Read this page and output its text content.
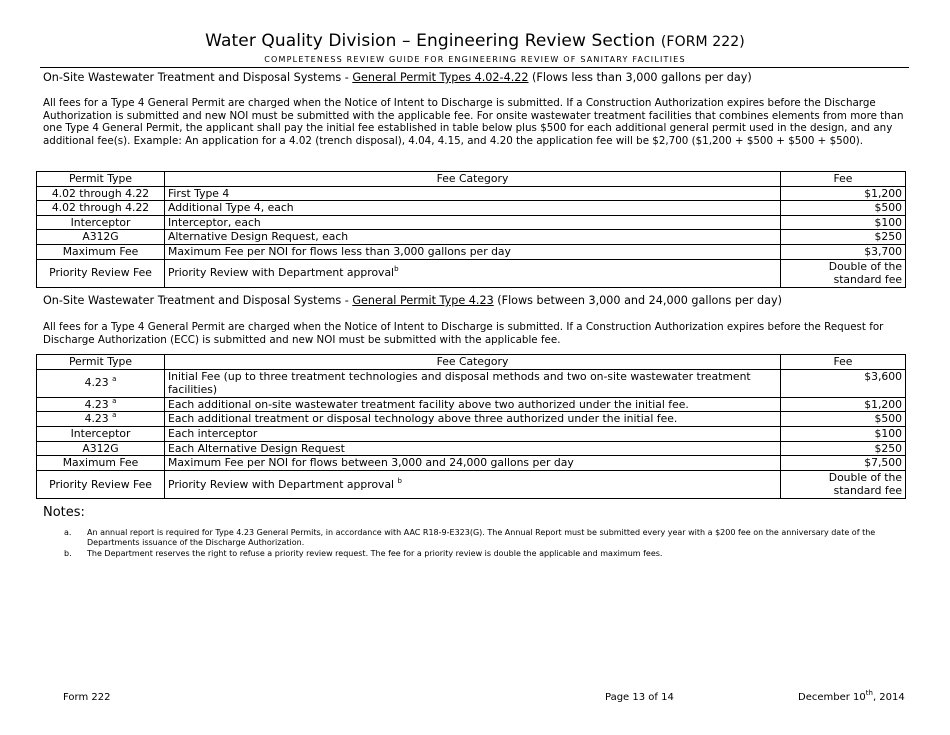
Water Quality Division – Engineering Review Section (FORM 222)
COMPLETENESS REVIEW GUIDE FOR ENGINEERING REVIEW OF SANITARY FACILITIES
On-Site Wastewater Treatment and Disposal Systems - General Permit Types 4.02-4.22 (Flows less than 3,000 gallons per day)
All fees for a Type 4 General Permit are charged when the Notice of Intent to Discharge is submitted. If a Construction Authorization expires before the Discharge Authorization is submitted and new NOI must be submitted with the applicable fee. For onsite wastewater treatment facilities that combines elements from more than one Type 4 General Permit, the applicant shall pay the initial fee established in table below plus $500 for each additional general permit used in the design, and any additional fee(s). Example: An application for a 4.02 (trench disposal), 4.04, 4.15, and 4.20 the application fee will be $2,700 ($1,200 + $500 + $500 + $500).
Permit Type	Fee Category	Fee
4.02 through 4.22	First Type 4	$1,200
4.02 through 4.22	Additional Type 4, each	$500
Interceptor	Interceptor, each	$100
A312G	Alternative Design Request, each	$250
Maximum Fee	Maximum Fee per NOI for flows less than 3,000 gallons per day	$3,700
Priority Review Fee	Priority Review with Department approval$^b$	Double of the
standard fee
On-Site Wastewater Treatment and Disposal Systems - General Permit Type 4.23 (Flows between 3,000 and 24,000 gallons per day)
All fees for a Type 4 General Permit are charged when the Notice of Intent to Discharge is submitted. If a Construction Authorization expires before the Request for Discharge Authorization (ECC) is submitted and new NOI must be submitted with the applicable fee.
Permit Type	Fee Category	Fee
4.23 $^a$	Initial Fee (up to three treatment technologies and disposal methods and two on-site wastewater treatment facilities)	$3,600
4.23 $^a$	Each additional on-site wastewater treatment facility above two authorized under the initial fee.	$1,200
4.23 $^a$	Each additional treatment or disposal technology above three authorized under the initial fee.	$500
Interceptor	Each interceptor	$100
A312G	Each Alternative Design Request	$250
Maximum Fee	Maximum Fee per NOI for flows between 3,000 and 24,000 gallons per day	$7,500
Priority Review Fee	Priority Review with Department approval $^b$	Double of the
standard fee
Notes:
a. An annual report is required for Type 4.23 General Permits, in accordance with AAC R18-9-E323(G). The Annual Report must be submitted every year with a $200 fee on the anniversary date of the Departments issuance of the Discharge Authorization.
b. The Department reserves the right to refuse a priority review request. The fee for a priority review is double the applicable and maximum fees.
Form 222	Page 13 of 14	December 10th, 2014
